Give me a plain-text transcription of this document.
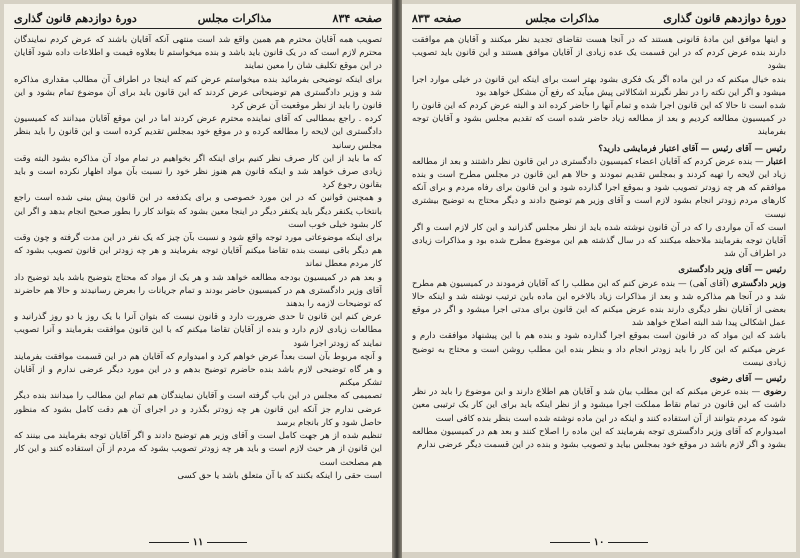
صفحه ۸۳۴
مذاکرات مجلس
دورهٔ دوازدهم قانون گذاری

تصویب همه آقایان محترم هم همین واقع شد است منتهی آنکه آقایان باشند که عرض کردم نمایندگان محترم لازم است که در یک قانون باید باشد و بنده میخواستم تا بعلاوه قیمت و اطلاعات داده شود آقایان در این موقع تکلیف شان را معین نمایند

برای اینکه توضیحی بفرمائید بنده میخواستم عرض کنم که اینجا در اطراف آن مطالب مقداری مذاکره شد و وزیر دادگستری هم توضیحاتی عرض کردند که این قانون باید برای آن موضوع تمام بشود و این قانون را باید از نظر موقعیت آن عرض کرد

کرده . راجع بمطالبی که آقای نماینده محترم عرض کردند اما در این موقع آقایان میدانند که کمیسیون دادگستری این لایحه را مطالعه کرده و در موقع خود بمجلس تقدیم کرده است و این قانون را باید بنظر مجلس رسانید

که ما باید از این کار صرف نظر کنیم برای اینکه اگر بخواهیم در تمام مواد آن مذاکره بشود البته وقت زیادی صرف خواهد شد و اینکه قانون هم هنوز نظر خود را نسبت بآن مواد اظهار نکرده است و باید بقانون رجوع کرد

و همچنین قوانین که در این مورد خصوصی و برای یکدفعه در این قانون پیش بینی شده است راجع بانتخاب یکنفر دیگر باید یکنفر دیگر در اینجا معین بشود که بتواند کار را بطور صحیح انجام بدهد و اگر این کار بشود خیلی خوب است

برای اینکه موضوعاتی مورد توجه واقع شود و نسبت بآن چیز که یک نفر در این مدت گرفته و چون وقت هم دیگر باقی نیست بنده تقاضا میکنم آقایان توجه بفرمایند و هر چه زودتر این قانون تصویب بشود که کار مردم معطل نماند

و بعد هم در کمیسیون بودجه مطالعه خواهد شد و هر یک از مواد که محتاج بتوضیح باشد باید توضیح داد آقای وزیر دادگستری هم در کمیسیون حاضر بودند و تمام جریانات را بعرض رسانیدند و حالا هم حاضرند که توضیحات لازمه را بدهند

عرض کنم این قانون تا حدی ضرورت دارد و قانون نیست که بتوان آنرا با یک روز یا دو روز گذرانید و مطالعات زیادی لازم دارد و بنده از آقایان تقاضا میکنم که با این قانون موافقت بفرمایند و آنرا تصویب نمایند که زودتر اجرا شود

و آنچه مربوط بآن است بعداً عرض خواهم کرد و امیدوارم که آقایان هم در این قسمت موافقت بفرمایند و هر گاه توضیحی لازم باشد بنده حاضرم توضیح بدهم و در این مورد دیگر عرضی ندارم و از آقایان تشکر میکنم

تصمیمی که مجلس در این باب گرفته است و آقایان نمایندگان هم تمام این مطالب را میدانند بنده دیگر عرضی ندارم جز آنکه این قانون هر چه زودتر بگذرد و در اجرای آن هم دقت کامل بشود که منظور حاصل شود و کار بانجام برسد

تنظیم شده از هر جهت کامل است و آقای وزیر هم توضیح دادند و اگر آقایان توجه بفرمایند می بینند که این قانون از هر حیث لازم است و باید هر چه زودتر تصویب بشود که مردم از آن استفاده کنند و این کار هم مصلحت است

است حقی را اینکه بکنند که با آن متعلق باشد یا حق کسی

۱۱
دورهٔ دوازدهم قانون گذاری
مذاکرات مجلس
صفحه ۸۳۳

و اینها موافق این مادهٔ قانونی هستند که در آنجا هست تقاضای تجدید نظر میکنند و آقایان هم موافقت دارند بنده عرض کردم که در این قسمت یک عده زیادی از آقایان موافق هستند و این قانون باید تصویب بشود

بنده خیال میکنم که در این ماده اگر یک فکری بشود بهتر است برای اینکه این قانون در خیلی موارد اجرا میشود و اگر این نکته را در نظر نگیرند اشکالاتی پیش میآید که رفع آن مشکل خواهد بود

شده است تا حالا که این قانون اجرا شده و تمام آنها را حاضر کرده اند و البته عرض کردم که این قانون را در کمیسیون مطالعه کردیم و بعد از مطالعه زیاد حاضر شده است که تقدیم مجلس بشود و آقایان توجه بفرمایند

رئیس — آقای رئیس — آقای اعتبار فرمایشی دارید؟

اعتبار — بنده عرض کردم که آقایان اعضاء کمیسیون دادگستری در این قانون نظر داشتند و بعد از مطالعه زیاد این لایحه را تهیه کردند و بمجلس تقدیم نمودند و حالا هم این قانون در مجلس مطرح است و بنده موافقم که هر چه زودتر تصویب شود و بموقع اجرا گذارده شود و این قانون برای رفاه مردم و برای آنکه کارهای مردم زودتر انجام بشود لازم است و آقای وزیر هم توضیح دادند و دیگر محتاج به توضیح بیشتری نیست

است که آن مواردی را که در آن قانون نوشته شده باید از نظر مجلس گذرانید و این کار لازم است و اگر آقایان توجه بفرمایند ملاحظه میکنند که در سال گذشته هم این موضوع مطرح شده بود و مذاکرات زیادی در اطراف آن شد

رئیس — آقای وزیر دادگستری

وزیر دادگستری (آقای آهی) — بنده عرض کنم که این مطلب را که آقایان فرمودند در کمیسیون هم مطرح شد و در آنجا هم مذاکره شد و بعد از مذاکرات زیاد بالاخره این ماده باین ترتیب نوشته شد و اینکه حالا بعضی از آقایان نظر دیگری دارند بنده عرض میکنم که این قانون برای مدتی اجرا میشود و اگر در موقع عمل اشکالی پیدا شد البته اصلاح خواهد شد

باشد که این مواد که در قانون است بموقع اجرا گذارده شود و بنده هم با این پیشنهاد موافقت دارم و عرض میکنم که این کار را باید زودتر انجام داد و بنظر بنده این مطلب روشن است و محتاج به توضیح زیادی نیست

رئیس — آقای رضوی

رضوی — بنده عرض میکنم که این مطلب بیان شد و آقایان هم اطلاع دارند و این موضوع را باید در نظر داشت که این قانون در تمام نقاط مملکت اجرا میشود و از نظر اینکه باید برای این کار یک ترتیبی معین شود که مردم بتوانند از آن استفاده کنند و اینکه در این ماده نوشته شده است بنظر بنده کافی است

امیدوارم که آقای وزیر دادگستری توجه بفرمایند که این ماده را اصلاح کنند و بعد هم در کمیسیون مطالعه بشود و اگر لازم باشد در موقع خود بمجلس بیاید و تصویب بشود و بنده در این قسمت دیگر عرضی ندارم

۱۰
